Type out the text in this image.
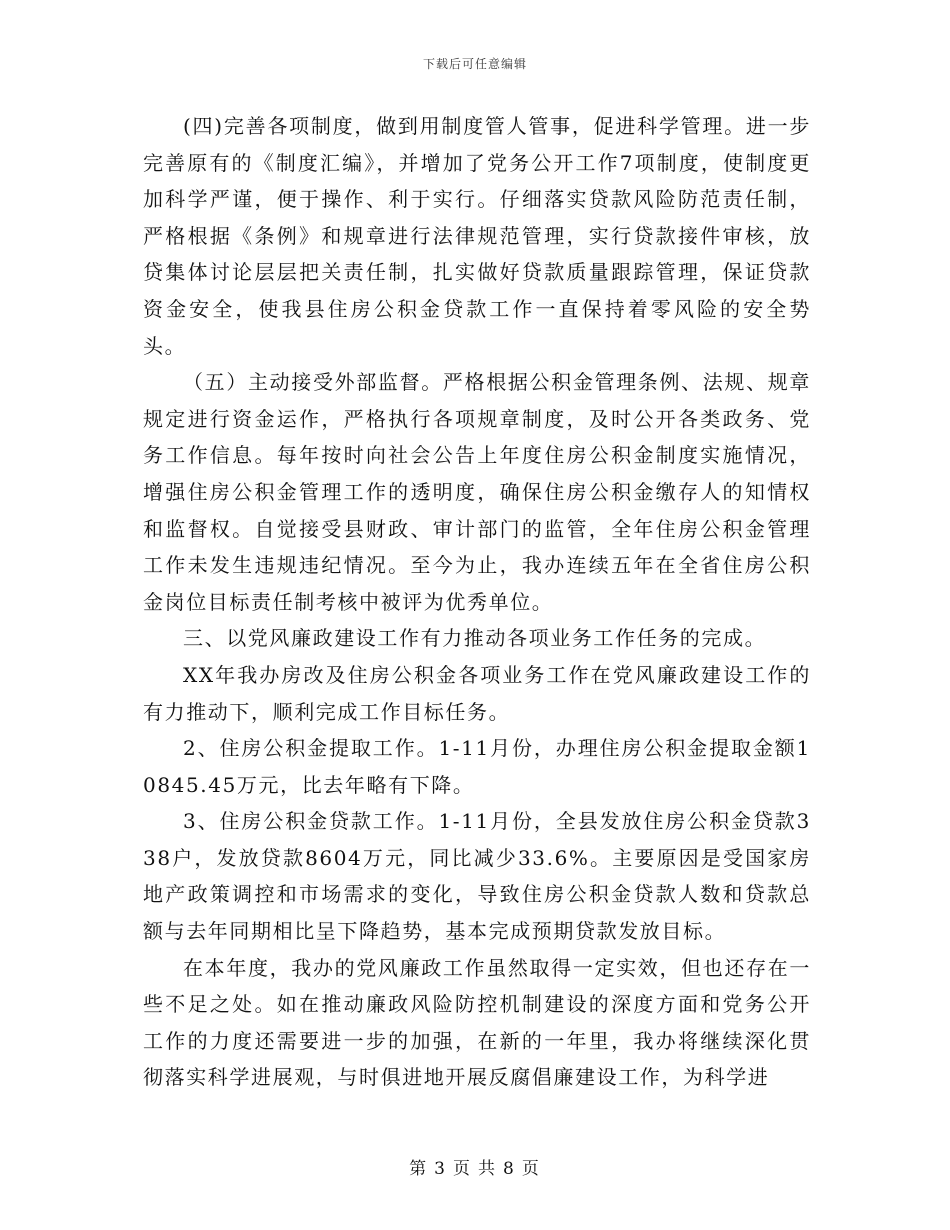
下载后可任意编辑

(四)完善各项制度，做到用制度管人管事，促进科学管理。进一步完善原有的《制度汇编》，并增加了党务公开工作7项制度，使制度更加科学严谨，便于操作、利于实行。仔细落实贷款风险防范责任制，严格根据《条例》和规章进行法律规范管理，实行贷款接件审核，放贷集体讨论层层把关责任制，扎实做好贷款质量跟踪管理，保证贷款资金安全，使我县住房公积金贷款工作一直保持着零风险的安全势头。

（五）主动接受外部监督。严格根据公积金管理条例、法规、规章规定进行资金运作，严格执行各项规章制度，及时公开各类政务、党务工作信息。每年按时向社会公告上年度住房公积金制度实施情况，增强住房公积金管理工作的透明度，确保住房公积金缴存人的知情权和监督权。自觉接受县财政、审计部门的监管，全年住房公积金管理工作未发生违规违纪情况。至今为止，我办连续五年在全省住房公积金岗位目标责任制考核中被评为优秀单位。

三、以党风廉政建设工作有力推动各项业务工作任务的完成。

XX年我办房改及住房公积金各项业务工作在党风廉政建设工作的有力推动下，顺利完成工作目标任务。

2、住房公积金提取工作。1-11月份，办理住房公积金提取金额10845.45万元，比去年略有下降。

3、住房公积金贷款工作。1-11月份，全县发放住房公积金贷款338户，发放贷款8604万元，同比减少33.6%。主要原因是受国家房地产政策调控和市场需求的变化，导致住房公积金贷款人数和贷款总额与去年同期相比呈下降趋势，基本完成预期贷款发放目标。

在本年度，我办的党风廉政工作虽然取得一定实效，但也还存在一些不足之处。如在推动廉政风险防控机制建设的深度方面和党务公开工作的力度还需要进一步的加强，在新的一年里，我办将继续深化贯彻落实科学进展观，与时俱进地开展反腐倡廉建设工作，为科学进

第 3 页 共 8 页
